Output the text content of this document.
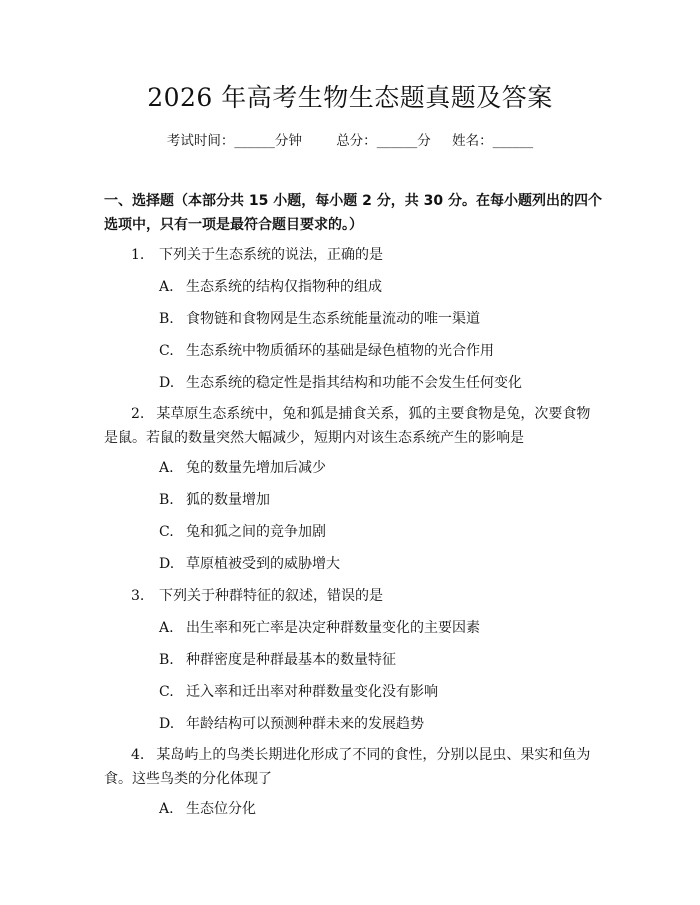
2026 年高考生物生态题真题及答案
考试时间：______分钟	总分：______分 姓名：______
一、选择题（本部分共 15 小题，每小题 2 分，共 30 分。在每小题列出的四个选项中，只有一项是最符合题目要求的。）
1. 下列关于生态系统的说法，正确的是
A. 生态系统的结构仅指物种的组成
B. 食物链和食物网是生态系统能量流动的唯一渠道
C. 生态系统中物质循环的基础是绿色植物的光合作用
D. 生态系统的稳定性是指其结构和功能不会发生任何变化
2. 某草原生态系统中，兔和狐是捕食关系，狐的主要食物是兔，次要食物是鼠。若鼠的数量突然大幅减少，短期内对该生态系统产生的影响是
A. 兔的数量先增加后减少
B. 狐的数量增加
C. 兔和狐之间的竞争加剧
D. 草原植被受到的威胁增大
3. 下列关于种群特征的叙述，错误的是
A. 出生率和死亡率是决定种群数量变化的主要因素
B. 种群密度是种群最基本的数量特征
C. 迁入率和迁出率对种群数量变化没有影响
D. 年龄结构可以预测种群未来的发展趋势
4. 某岛屿上的鸟类长期进化形成了不同的食性，分别以昆虫、果实和鱼为食。这些鸟类的分化体现了
A. 生态位分化
